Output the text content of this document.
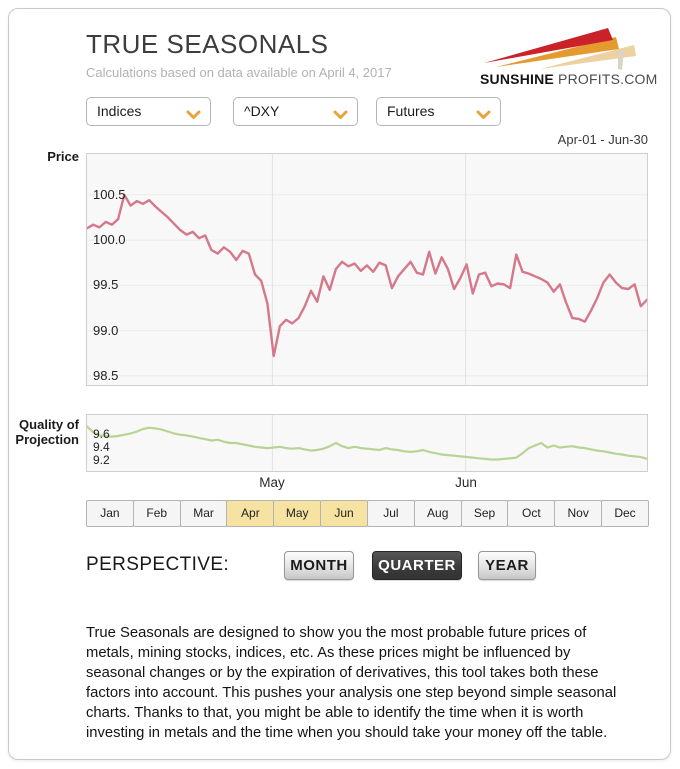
TRUE SEASONALS
Calculations based on data available on April 4, 2017	SUNSHINE PROFITS.COM
Indices	^DXY	Futures
Apr-01 - Jun-30
Price
100.5
100.0
99.5
99.0
98.5
Quality of
Projection 9.6
9.4
9.2
May	Jun
Jan	Feb	Mar	Apr	May	Jun	Jul	Aug	Sep	Oct	Nov	Dec
PERSPECTIVE:	MONTH	QUARTER	YEAR
True Seasonals are designed to show you the most probable future prices of metals, mining stocks, indices, etc. As these prices might be influenced by seasonal changes or by the expiration of derivatives, this tool takes both these factors into account. This pushes your analysis one step beyond simple seasonal charts. Thanks to that, you might be able to identify the time when it is worth investing in metals and the time when you should take your money off the table.
